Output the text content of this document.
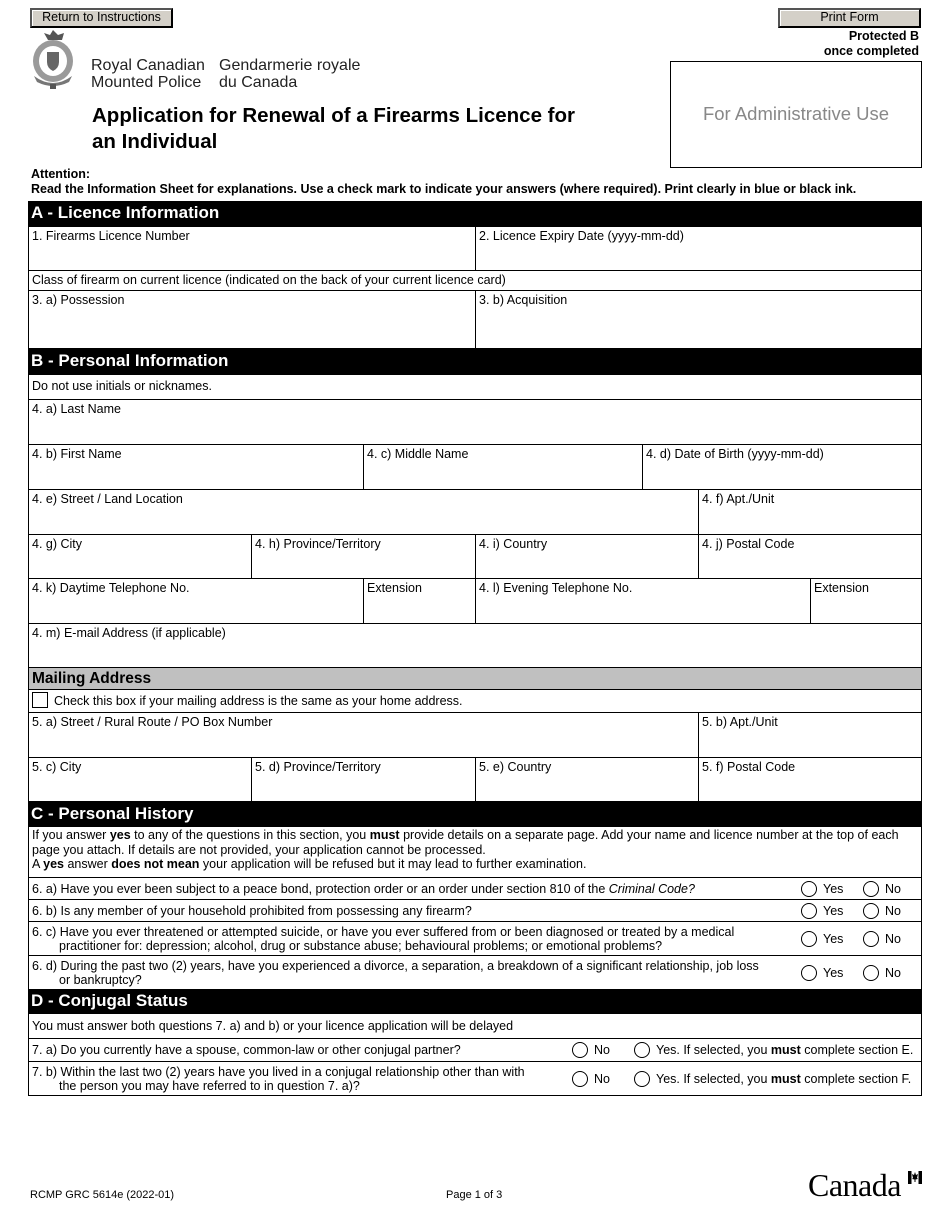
Return to Instructions	Print Form
Protected B
once completed
Royal Canadian
Mounted Police
Gendarmerie royale
du Canada
Application for Renewal of a Firearms Licence for
an Individual
For Administrative Use
Attention:
Read the Information Sheet for explanations. Use a check mark to indicate your answers (where required). Print clearly in blue or black ink.
A - Licence Information
1. Firearms Licence Number	2. Licence Expiry Date (yyyy-mm-dd)
Class of firearm on current licence (indicated on the back of your current licence card)
3. a) Possession	3. b) Acquisition
B - Personal Information
Do not use initials or nicknames.
4. a) Last Name
4. b) First Name	4. c) Middle Name	4. d) Date of Birth (yyyy-mm-dd)
4. e) Street / Land Location	4. f) Apt./Unit
4. g) City	4. h) Province/Territory	4. i) Country	4. j) Postal Code
4. k) Daytime Telephone No.	Extension	4. l) Evening Telephone No.	Extension
4. m) E-mail Address (if applicable)
Mailing Address
Check this box if your mailing address is the same as your home address.
5. a) Street / Rural Route / PO Box Number	5. b) Apt./Unit
5. c) City	5. d) Province/Territory	5. e) Country	5. f) Postal Code
C - Personal History
If you answer yes to any of the questions in this section, you must provide details on a separate page. Add your name and licence number at the top of each page you attach. If details are not provided, your application cannot be processed.
A yes answer does not mean your application will be refused but it may lead to further examination.
6. a) Have you ever been subject to a peace bond, protection order or an order under section 810 of the Criminal Code?	Yes	No
6. b) Is any member of your household prohibited from possessing any firearm?	Yes	No
6. c) Have you ever threatened or attempted suicide, or have you ever suffered from or been diagnosed or treated by a medical
practitioner for: depression; alcohol, drug or substance abuse; behavioural problems; or emotional problems?
Yes	No
6. d) During the past two (2) years, have you experienced a divorce, a separation, a breakdown of a significant relationship, job loss
or bankruptcy?
Yes	No
D - Conjugal Status
You must answer both questions 7. a) and b) or your licence application will be delayed
7. a) Do you currently have a spouse, common-law or other conjugal partner?	No	Yes. If selected, you must complete section E.
7. b) Within the last two (2) years have you lived in a conjugal relationship other than with
the person you may have referred to in question 7. a)?
No	Yes. If selected, you must complete section F.
RCMP GRC 5614e (2022-01)	Page 1 of 3	Canada
